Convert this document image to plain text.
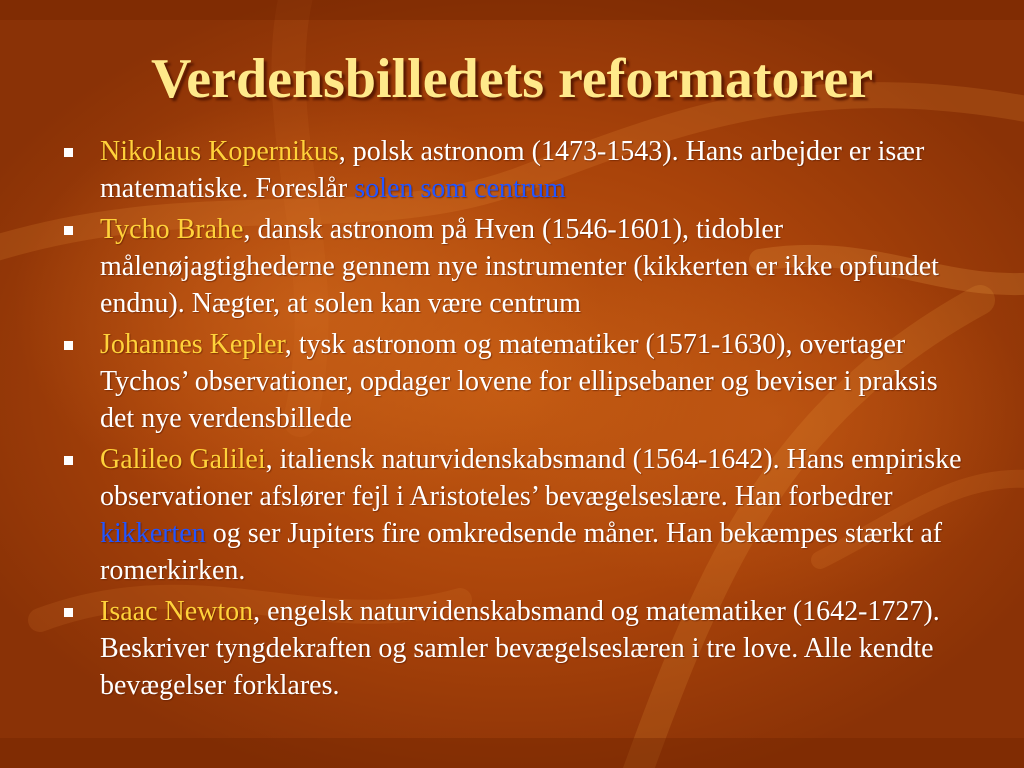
Verdensbilledets reformatorer
Nikolaus Kopernikus, polsk astronom (1473-1543). Hans arbejder er især matematiske. Foreslår solen som centrum
Tycho Brahe, dansk astronom på Hven (1546-1601), tidobler målenøjagtighederne gennem nye instrumenter (kikkerten er ikke opfundet endnu). Nægter, at solen kan være centrum
Johannes Kepler, tysk astronom og matematiker (1571-1630), overtager Tychos’ observationer, opdager lovene for ellipsebaner og beviser i praksis det nye verdensbillede
Galileo Galilei, italiensk naturvidenskabsmand (1564-1642). Hans empiriske observationer afslører fejl i Aristoteles’ bevægelseslære. Han forbedrer kikkerten og ser Jupiters fire omkredsende måner. Han bekæmpes stærkt af romerkirken.
Isaac Newton, engelsk naturvidenskabsmand og matematiker (1642-1727). Beskriver tyngdekraften og samler bevægelseslæren i tre love. Alle kendte bevægelser forklares.
